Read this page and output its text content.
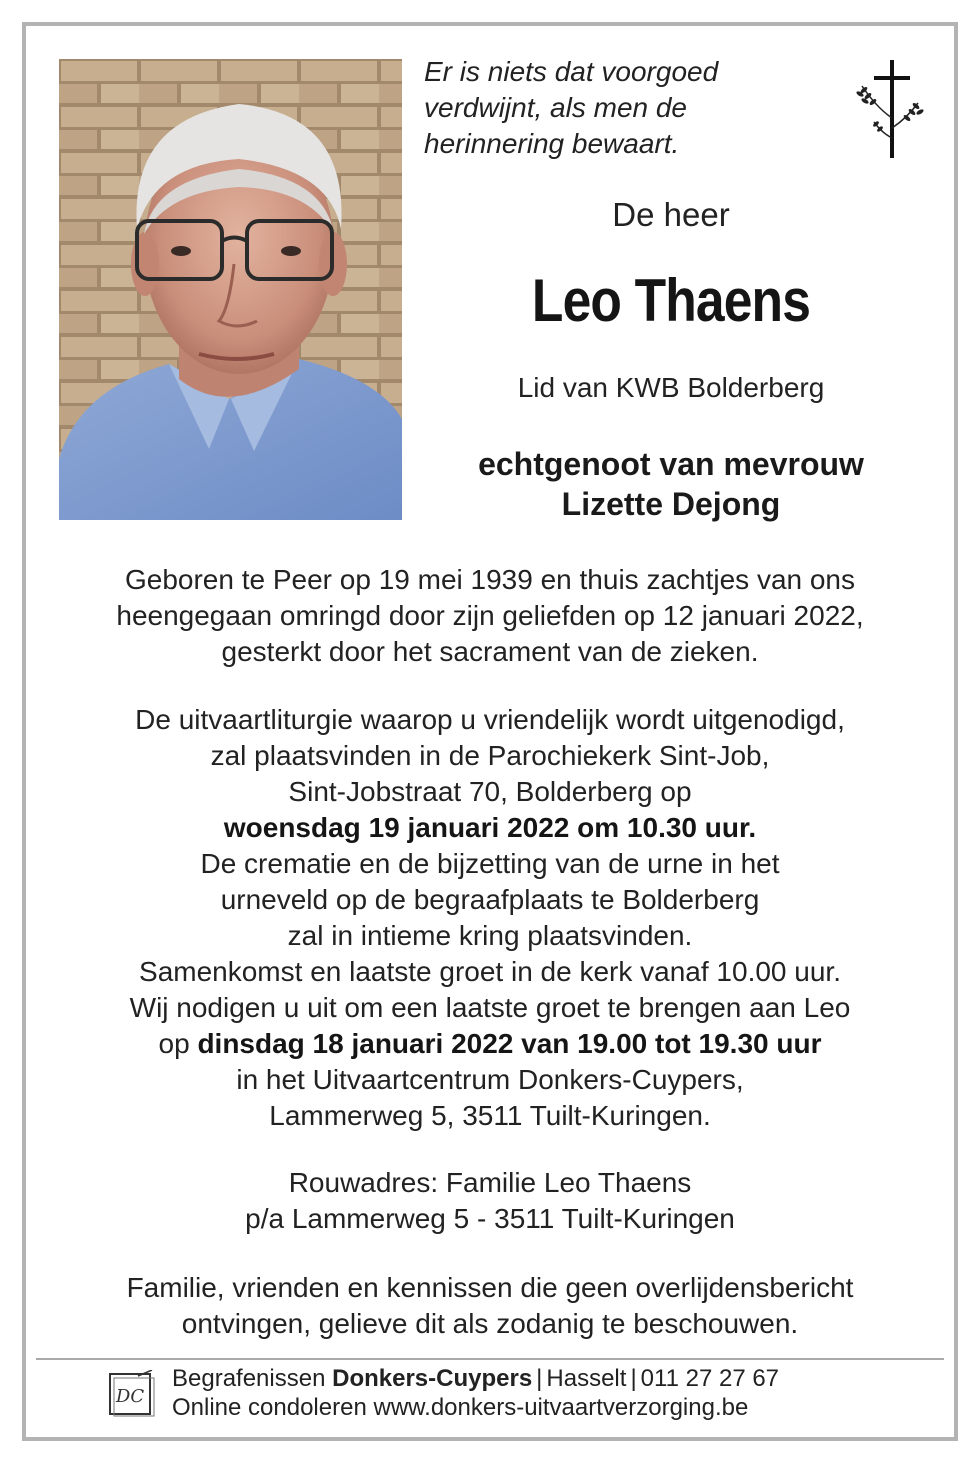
Er is niets dat voorgoed
verdwijnt, als men de
herinnering bewaart.
De heer
Leo Thaens
Lid van KWB Bolderberg
echtgenoot van mevrouw
Lizette Dejong
Geboren te Peer op 19 mei 1939 en thuis zachtjes van ons
heengegaan omringd door zijn geliefden op 12 januari 2022,
gesterkt door het sacrament van de zieken.
De uitvaartliturgie waarop u vriendelijk wordt uitgenodigd,
zal plaatsvinden in de Parochiekerk Sint-Job,
Sint-Jobstraat 70, Bolderberg op
woensdag 19 januari 2022 om 10.30 uur.
De crematie en de bijzetting van de urne in het
urneveld op de begraafplaats te Bolderberg
zal in intieme kring plaatsvinden.
Samenkomst en laatste groet in de kerk vanaf 10.00 uur.
Wij nodigen u uit om een laatste groet te brengen aan Leo
op dinsdag 18 januari 2022 van 19.00 tot 19.30 uur
in het Uitvaartcentrum Donkers-Cuypers,
Lammerweg 5, 3511 Tuilt-Kuringen.
Rouwadres: Familie Leo Thaens
p/a Lammerweg 5 - 3511 Tuilt-Kuringen
Familie, vrienden en kennissen die geen overlijdensbericht
ontvingen, gelieve dit als zodanig te beschouwen.
DC
Begrafenissen Donkers-Cuypers | Hasselt | 011 27 27 67
Online condoleren www.donkers-uitvaartverzorging.be
